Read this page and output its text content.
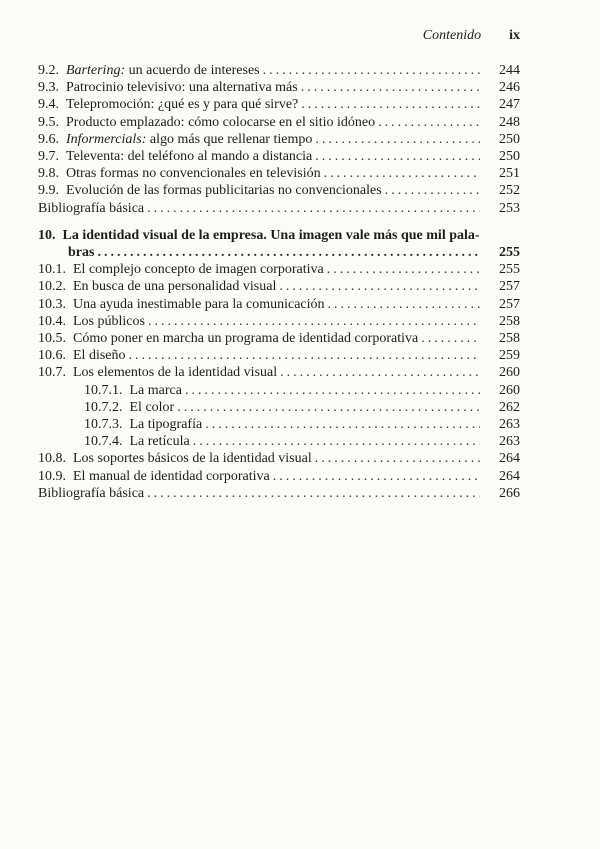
Contenido ix
9.2. Bartering: un acuerdo de intereses .....	244
9.3. Patrocinio televisivo: una alternativa más .....	246
9.4. Telepromoción: ¿qué es y para qué sirve? .....	247
9.5. Producto emplazado: cómo colocarse en el sitio idóneo .....	248
9.6. Informercials: algo más que rellenar tiempo .....	250
9.7. Televenta: del teléfono al mando a distancia .....	250
9.8. Otras formas no convencionales en televisión .....	251
9.9. Evolución de las formas publicitarias no convencionales .....	252
Bibliografía básica .....	253
10. La identidad visual de la empresa. Una imagen vale más que mil pala-
bras .....	255
10.1. El complejo concepto de imagen corporativa .....	255
10.2. En busca de una personalidad visual .....	257
10.3. Una ayuda inestimable para la comunicación .....	257
10.4. Los públicos .....	258
10.5. Cómo poner en marcha un programa de identidad corporativa .....	258
10.6. El diseño .....	259
10.7. Los elementos de la identidad visual .....	260
10.7.1. La marca .....	260
10.7.2. El color .....	262
10.7.3. La tipografía .....	263
10.7.4. La retícula .....	263
10.8. Los soportes básicos de la identidad visual .....	264
10.9. El manual de identidad corporativa .....	264
Bibliografía básica .....	266
